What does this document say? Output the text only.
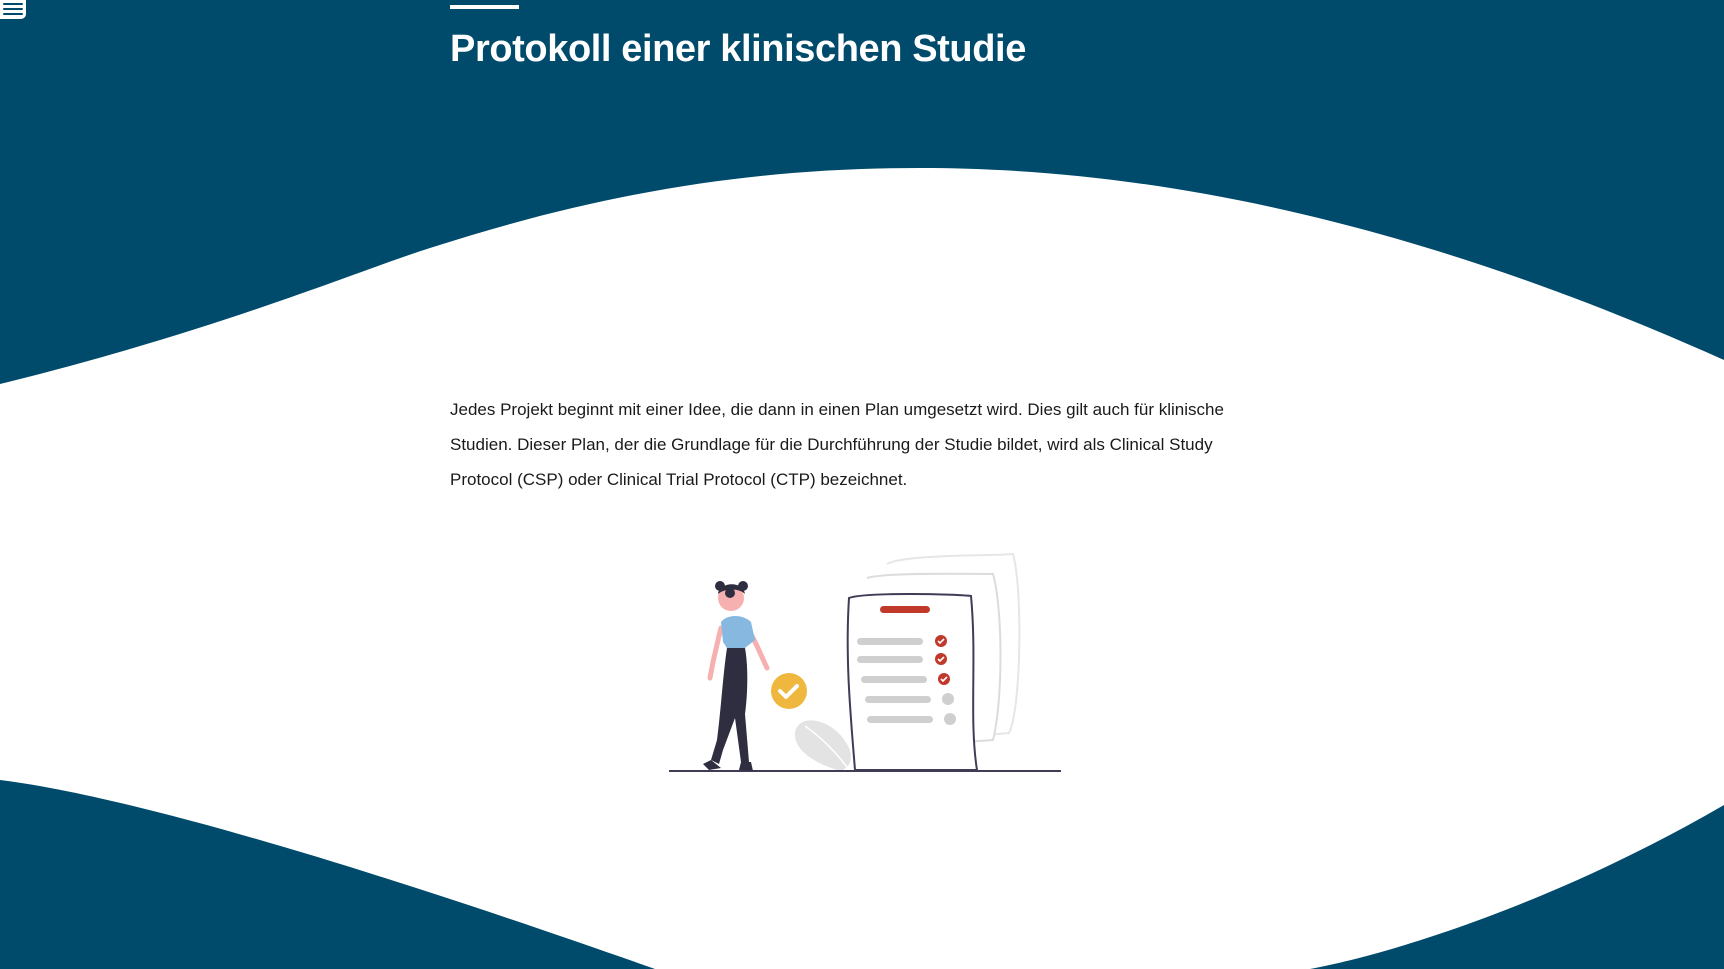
Protokoll einer klinischen Studie

Jedes Projekt beginnt mit einer Idee, die dann in einen Plan umgesetzt wird. Dies gilt auch für klinische Studien. Dieser Plan, der die Grundlage für die Durchführung der Studie bildet, wird als Clinical Study Protocol (CSP) oder Clinical Trial Protocol (CTP) bezeichnet.
